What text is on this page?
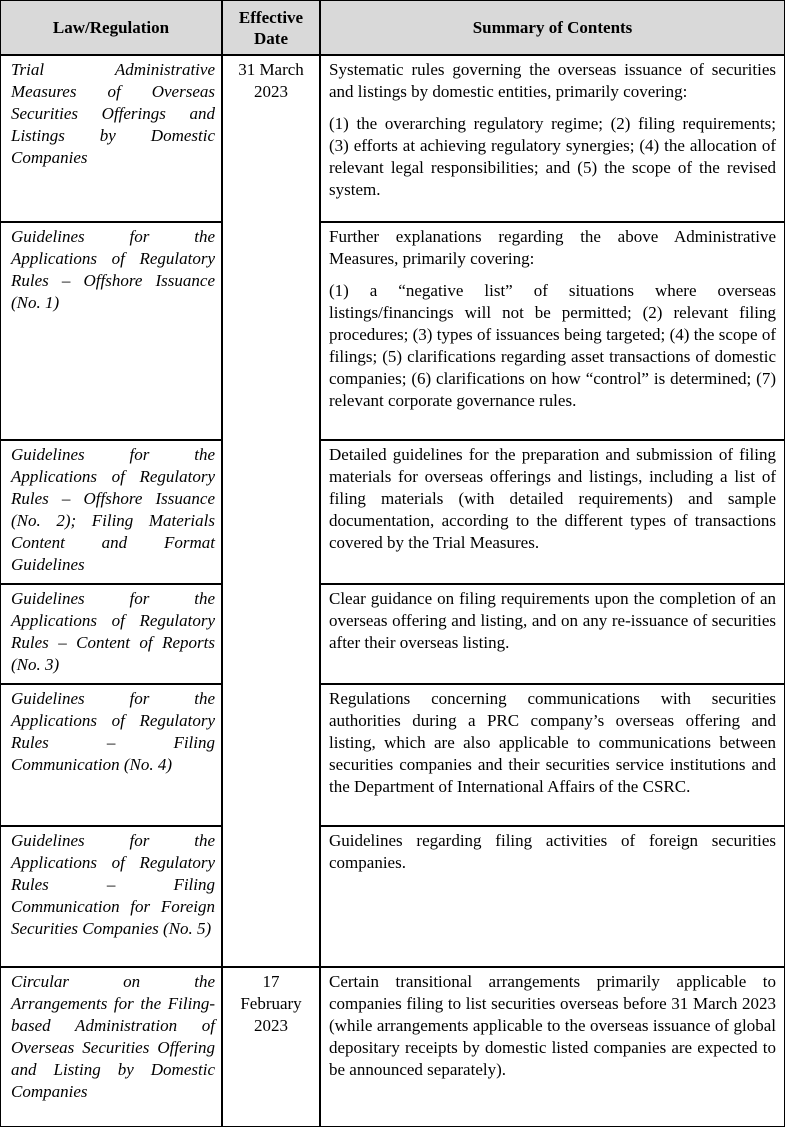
Law/Regulation
Effective Date
Summary of Contents
Trial Administrative Measures of Overseas Securities Offerings and Listings by Domestic Companies

Systematic rules governing the overseas issuance of securities and listings by domestic entities, primarily covering:

(1) the overarching regulatory regime; (2) filing requirements; (3) efforts at achieving regulatory synergies; (4) the allocation of relevant legal responsibilities; and (5) the scope of the revised system.

Guidelines for the Applications of Regulatory Rules – Offshore Issuance (No. 1)

Further explanations regarding the above Administrative Measures, primarily covering:

(1) a “negative list” of situations where overseas listings/financings will not be permitted; (2) relevant filing procedures; (3) types of issuances being targeted; (4) the scope of filings; (5) clarifications regarding asset transactions of domestic companies; (6) clarifications on how “control” is determined; (7) relevant corporate governance rules.

Guidelines for the Applications of Regulatory Rules – Offshore Issuance (No. 2); Filing Materials Content and Format Guidelines

Detailed guidelines for the preparation and submission of filing materials for overseas offerings and listings, including a list of filing materials (with detailed requirements) and sample documentation, according to the different types of transactions covered by the Trial Measures.

Guidelines for the Applications of Regulatory Rules – Content of Reports (No. 3)

Clear guidance on filing requirements upon the completion of an overseas offering and listing, and on any re-issuance of securities after their overseas listing.

Guidelines for the Applications of Regulatory Rules – Filing Communication (No. 4)

Regulations concerning communications with securities authorities during a PRC company’s overseas offering and listing, which are also applicable to communications between securities companies and their securities service institutions and the Department of International Affairs of the CSRC.

Guidelines for the Applications of Regulatory Rules – Filing Communication for Foreign Securities Companies (No. 5)

Guidelines regarding filing activities of foreign securities companies.

31 March 2023
Circular on the Arrangements for the Filing-based Administration of Overseas Securities Offering and Listing by Domestic Companies
17 February 2023

Certain transitional arrangements primarily applicable to companies filing to list securities overseas before 31 March 2023 (while arrangements applicable to the overseas issuance of global depositary receipts by domestic listed companies are expected to be announced separately).
